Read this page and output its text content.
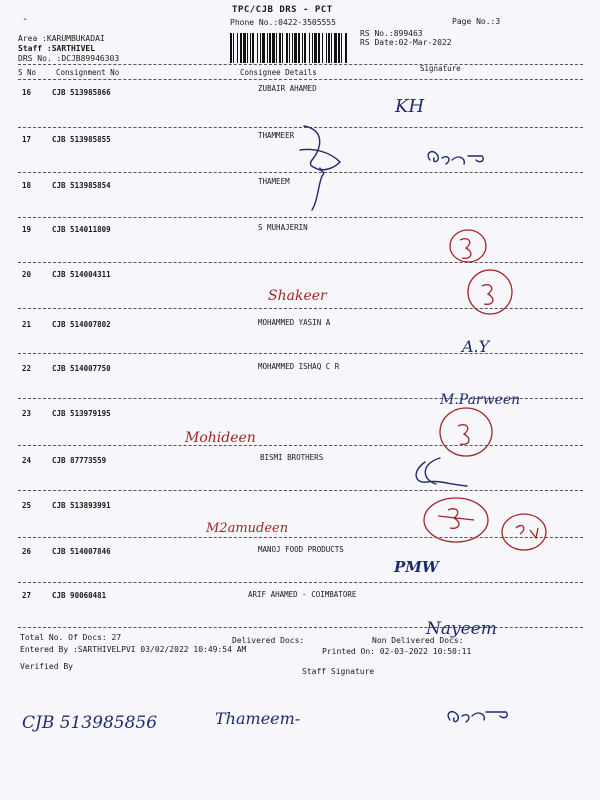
-
TPC/CJB DRS - PCT
Phone No.:0422-3505555	Page No.:3
RS No.:899463
RS Date:02-Mar-2022
Area :KARUMBUKADAI
Staff :SARTHIVEL
DRS No. :DCJB89946303
S No	Consignment No	Consignee Details	Signature
16	CJB 513985866	ZUBAIR AHAMED
17	CJB 513985855	THAMMEER
18	CJB 513985854	THAMEEM
19	CJB 514011809	S MUHAJERIN
20	CJB 514004311
21	CJB 514007802	MOHAMMED YASIN A
22	CJB 514007750	MOHAMMED ISHAQ C R
23	CJB 513979195
24	CJB 87773559	BISMI BROTHERS
25	CJB 513893991
26	CJB 514007846	MANOJ FOOD PRODUCTS
27	CJB 90060481	ARIF AHAMED - COIMBATORE
Total No. Of Docs: 27	Delivered Docs:	Non Delivered Docs:
Entered By :SARTHIVELPVI 03/02/2022 10:49:54 AM	Printed On: 02-03-2022 10:50:11
Verified By
Staff Signature
KH
M.Parween
A.Y
PMW
Nayeem
CJB 513985856	Thameem-
Shakeer
Mohideen
M2amudeen
